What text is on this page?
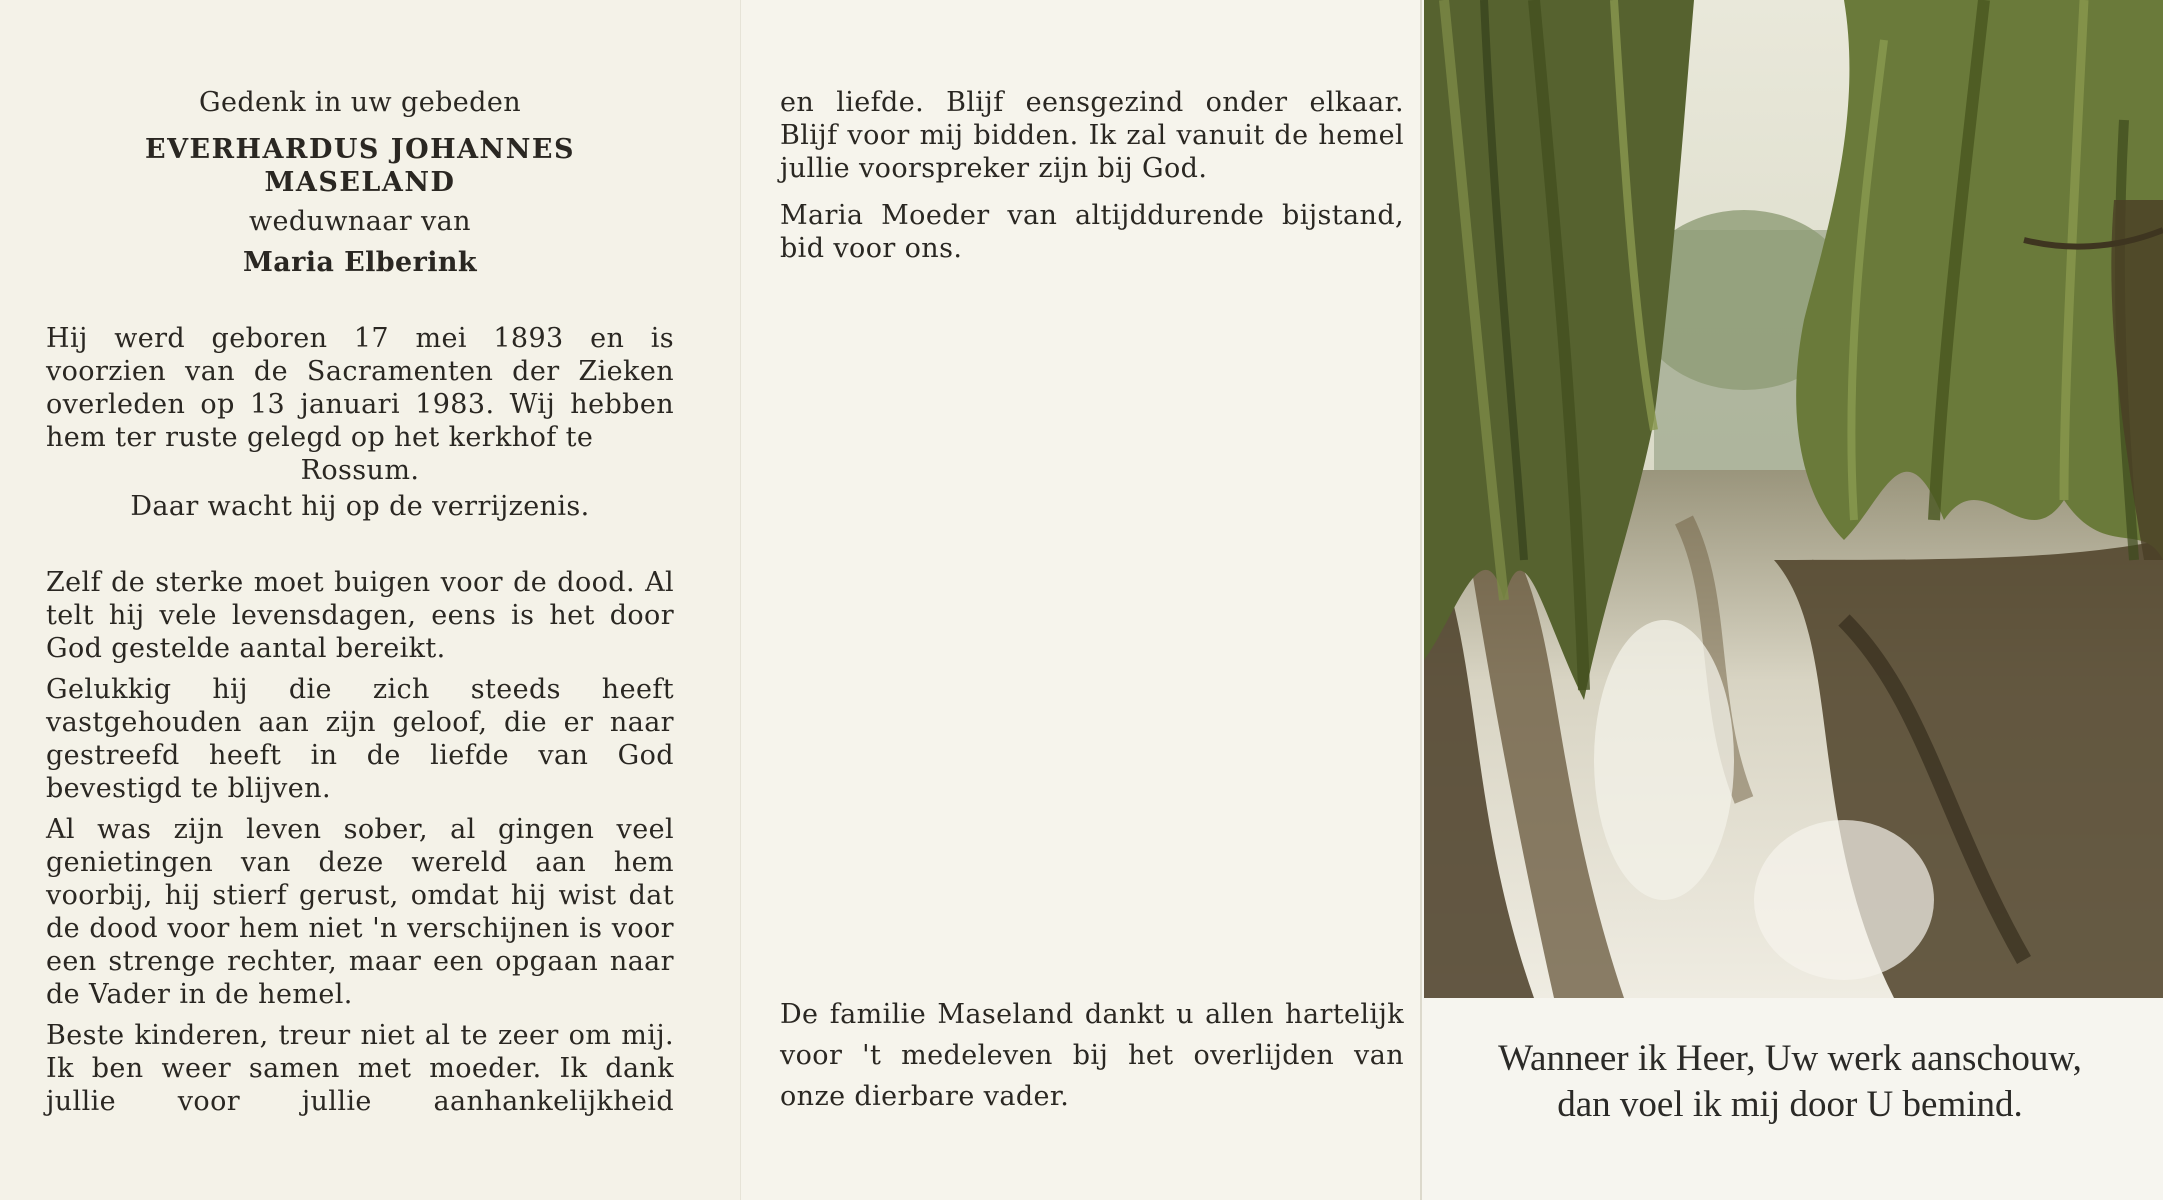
Gedenk in uw gebeden
EVERHARDUS JOHANNES
MASELAND
weduwnaar van
Maria Elberink
Hij werd geboren 17 mei 1893 en is voorzien van de Sacramenten der Zieken overleden op 13 januari 1983. Wij hebben hem ter ruste gelegd op het kerkhof te
Rossum.
Daar wacht hij op de verrijzenis.

Zelf de sterke moet buigen voor de dood. Al telt hij vele levensdagen, eens is het door God gestelde aantal bereikt.

Gelukkig hij die zich steeds heeft vastgehouden aan zijn geloof, die er naar gestreefd heeft in de liefde van God bevestigd te blijven.

Al was zijn leven sober, al gingen veel genietingen van deze wereld aan hem voorbij, hij stierf gerust, omdat hij wist dat de dood voor hem niet 'n verschijnen is voor een strenge rechter, maar een opgaan naar de Vader in de hemel.

Beste kinderen, treur niet al te zeer om mij. Ik ben weer samen met moeder. Ik dank jullie voor jullie aanhankelijkheid

en liefde. Blijf eensgezind onder elkaar. Blijf voor mij bidden. Ik zal vanuit de hemel jullie voorspreker zijn bij God.

Maria Moeder van altijddurende bijstand, bid voor ons.

De familie Maseland dankt u allen hartelijk voor 't medeleven bij het overlijden van onze dierbare vader.
Wanneer ik Heer, Uw werk aanschouw,
dan voel ik mij door U bemind.
